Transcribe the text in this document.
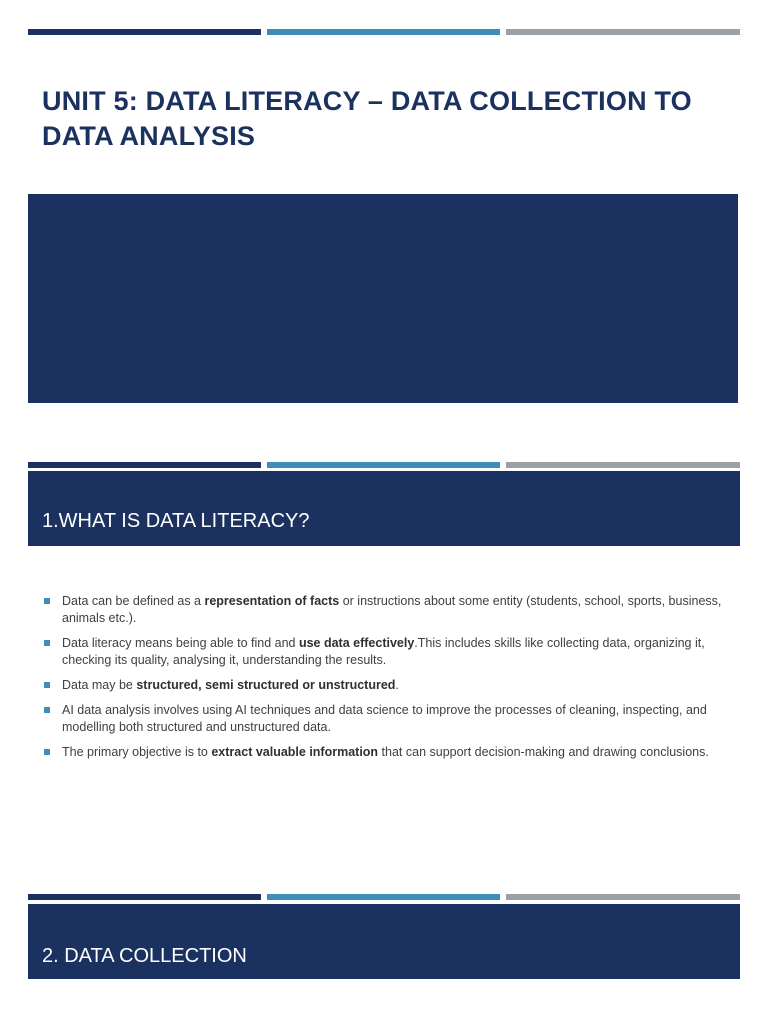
UNIT 5: DATA LITERACY – DATA COLLECTION TO DATA ANALYSIS
1.WHAT IS DATA LITERACY?
Data can be defined as a representation of facts or instructions about some entity (students, school, sports, business, animals etc.).
Data literacy means being able to find and use data effectively.This includes skills like collecting data, organizing it, checking its quality, analysing it, understanding the results.
Data may be structured, semi structured or unstructured.
AI data analysis involves using AI techniques and data science to improve the processes of cleaning, inspecting, and modelling both structured and unstructured data.
The primary objective is to extract valuable information that can support decision-making and drawing conclusions.
2. DATA COLLECTION
